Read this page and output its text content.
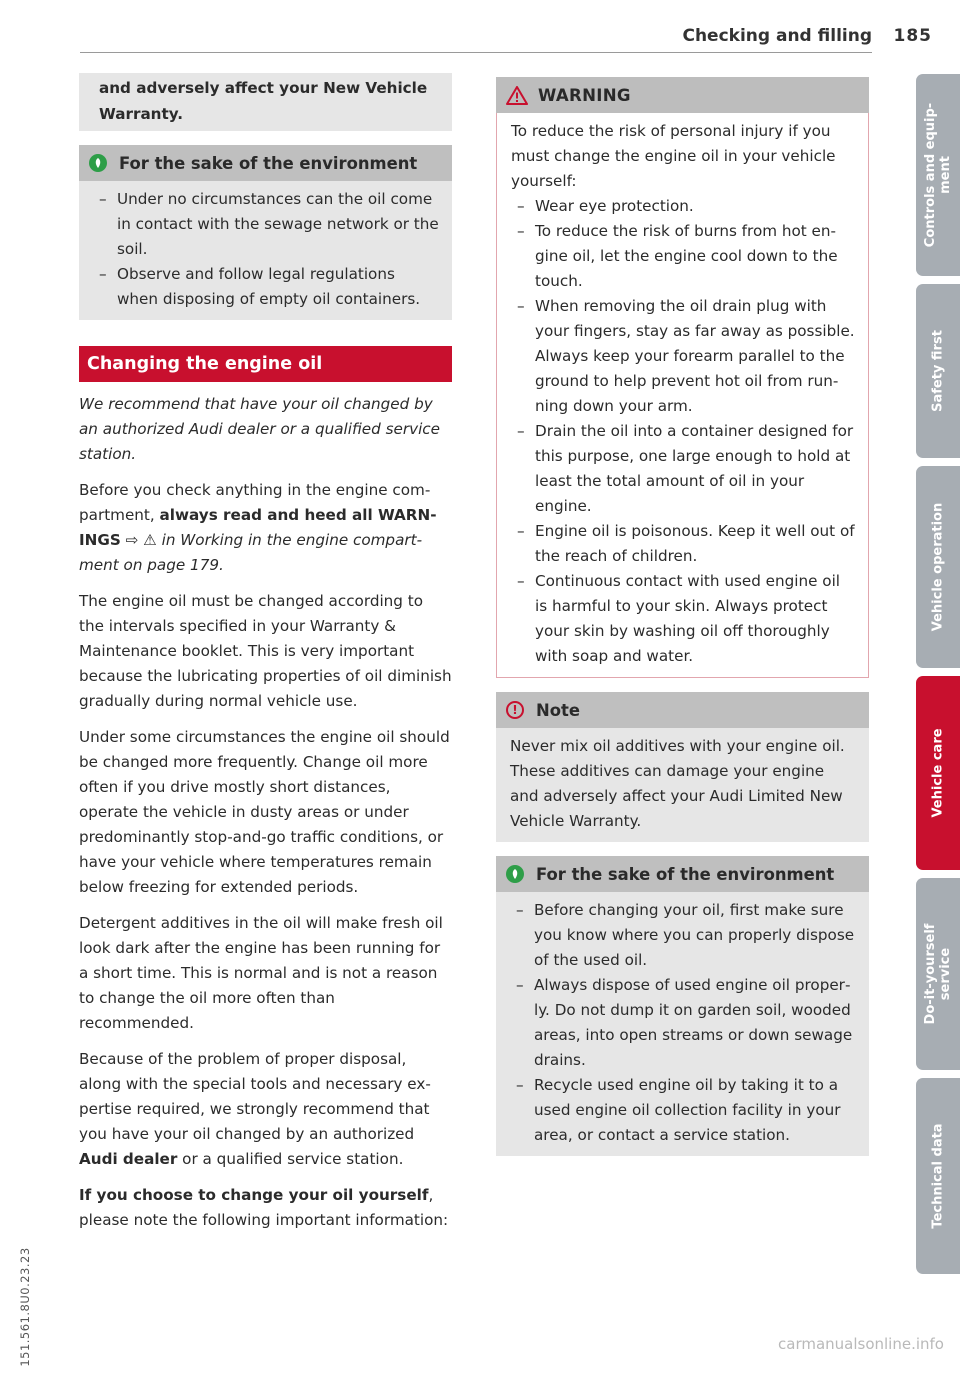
Checking and filling 185
and adversely affect your New Vehicle Warranty.
For the sake of the environment
– Under no circumstances can the oil come in contact with the sewage network or the soil.
– Observe and follow legal regulations when disposing of empty oil containers.
Changing the engine oil

We recommend that have your oil changed by an authorized Audi dealer or a qualified service station.

Before you check anything in the engine compartment, always read and heed all WARNINGS ⇨ ⚠ in Working in the engine compartment on page 179.

The engine oil must be changed according to the intervals specified in your Warranty & Maintenance booklet. This is very important because the lubricating properties of oil diminish gradually during normal vehicle use.

Under some circumstances the engine oil should be changed more frequently. Change oil more often if you drive mostly short distances, operate the vehicle in dusty areas or under predominantly stop-and-go traffic conditions, or have your vehicle where temperatures remain below freezing for extended periods.

Detergent additives in the oil will make fresh oil look dark after the engine has been running for a short time. This is normal and is not a reason to change the oil more often than recommended.

Because of the problem of proper disposal, along with the special tools and necessary expertise required, we strongly recommend that you have your oil changed by an authorized Audi dealer or a qualified service station.

If you choose to change your oil yourself, please note the following important information:

WARNING
To reduce the risk of personal injury if you must change the engine oil in your vehicle yourself:
– Wear eye protection.
– To reduce the risk of burns from hot engine oil, let the engine cool down to the touch.
– When removing the oil drain plug with your fingers, stay as far away as possible. Always keep your forearm parallel to the ground to help prevent hot oil from running down your arm.
– Drain the oil into a container designed for this purpose, one large enough to hold at least the total amount of oil in your engine.
– Engine oil is poisonous. Keep it well out of the reach of children.
– Continuous contact with used engine oil is harmful to your skin. Always protect your skin by washing oil off thoroughly with soap and water.
!	Note
Never mix oil additives with your engine oil. These additives can damage your engine and adversely affect your Audi Limited New Vehicle Warranty.
For the sake of the environment
– Before changing your oil, first make sure you know where you can properly dispose of the used oil.
– Always dispose of used engine oil properly. Do not dump it on garden soil, wooded areas, into open streams or down sewage drains.
– Recycle used engine oil by taking it to a used engine oil collection facility in your area, or contact a service station.
Controls and equip-
ment
Safety first
Vehicle operation
Vehicle care
Do-it-yourself
service
Technical data
151.561.8U0.23.23	carmanualsonline.info
